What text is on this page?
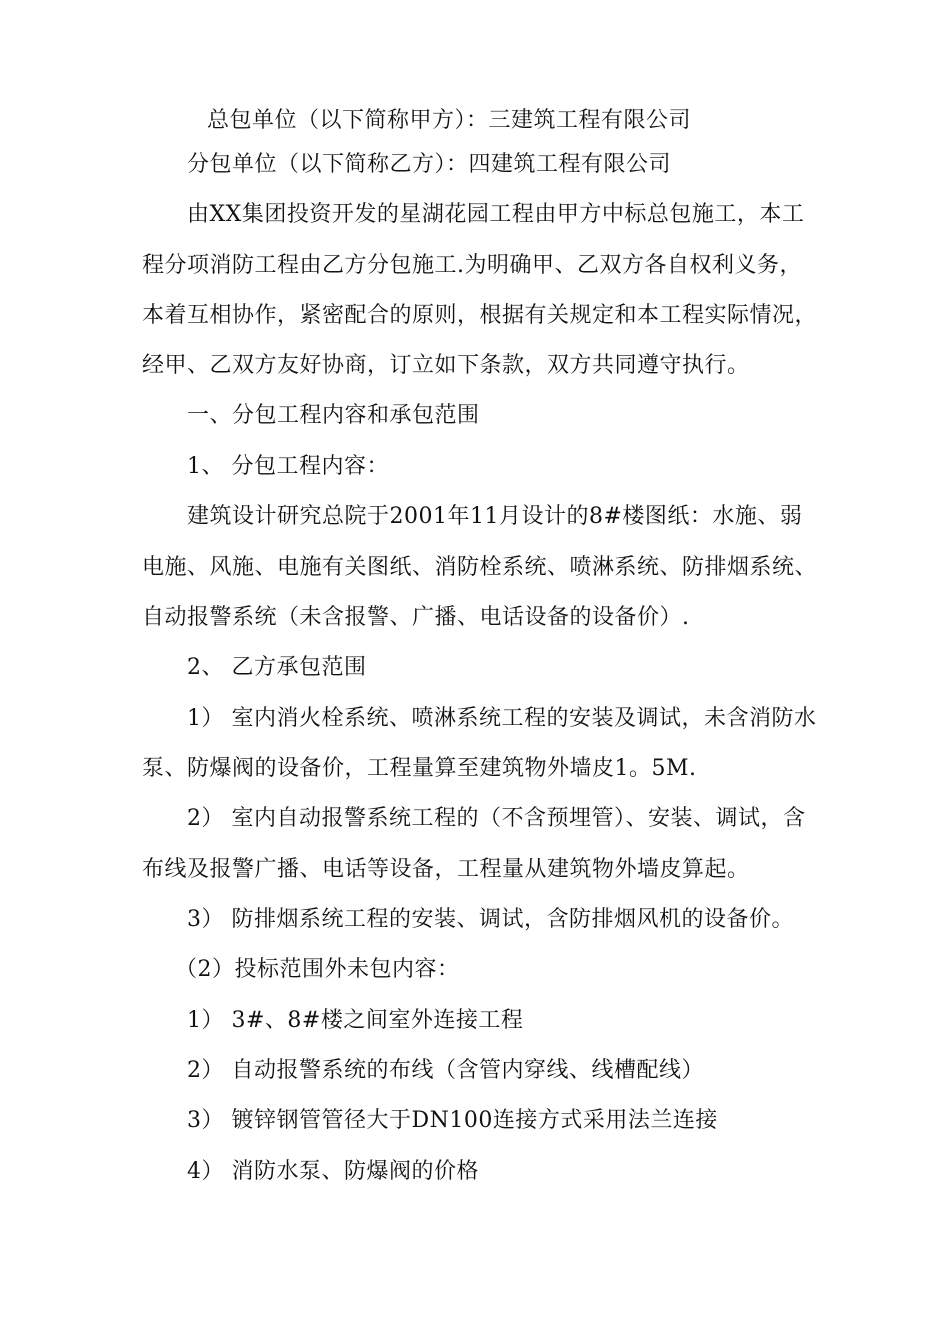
总包单位（以下简称甲方）：三建筑工程有限公司
分包单位（以下简称乙方）：四建筑工程有限公司
由XX集团投资开发的星湖花园工程由甲方中标总包施工，本工
程分项消防工程由乙方分包施工.为明确甲、乙双方各自权利义务，
本着互相协作，紧密配合的原则，根据有关规定和本工程实际情况，
经甲、乙双方友好协商，订立如下条款，双方共同遵守执行。
一、分包工程内容和承包范围
1、 分包工程内容：
建筑设计研究总院于2001年11月设计的8#楼图纸：水施、弱
电施、风施、电施有关图纸、消防栓系统、喷淋系统、防排烟系统、
自动报警系统（未含报警、广播、电话设备的设备价）.
2、 乙方承包范围
1） 室内消火栓系统、喷淋系统工程的安装及调试，未含消防水
泵、防爆阀的设备价，工程量算至建筑物外墙皮1。5M.
2） 室内自动报警系统工程的（不含预埋管）、安装、调试，含
布线及报警广播、电话等设备，工程量从建筑物外墙皮算起。
3） 防排烟系统工程的安装、调试，含防排烟风机的设备价。
（2）投标范围外未包内容：
1） 3#、8#楼之间室外连接工程
2） 自动报警系统的布线（含管内穿线、线槽配线）
3） 镀锌钢管管径大于DN100连接方式采用法兰连接
4） 消防水泵、防爆阀的价格
